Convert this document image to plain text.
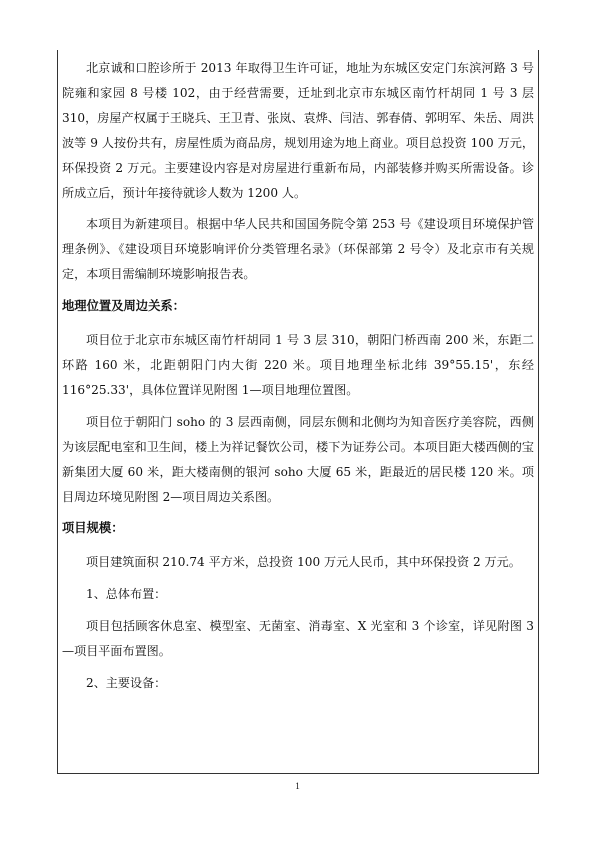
北京诚和口腔诊所于 2013 年取得卫生许可证，地址为东城区安定门东滨河路 3 号院雍和家园 8 号楼 102，由于经营需要，迁址到北京市东城区南竹杆胡同 1 号 3 层 310，房屋产权属于王晓兵、王卫青、张岚、袁烨、闫洁、郭春倩、郭明军、朱岳、周洪波等 9 人按份共有，房屋性质为商品房，规划用途为地上商业。项目总投资 100 万元，环保投资 2 万元。主要建设内容是对房屋进行重新布局，内部装修并购买所需设备。诊所成立后，预计年接待就诊人数为 1200 人。

本项目为新建项目。根据中华人民共和国国务院令第 253 号《建设项目环境保护管理条例》、《建设项目环境影响评价分类管理名录》（环保部第 2 号令）及北京市有关规定，本项目需编制环境影响报告表。

地理位置及周边关系：

项目位于北京市东城区南竹杆胡同 1 号 3 层 310，朝阳门桥西南 200 米，东距二环路 160 米，北距朝阳门内大街 220 米。项目地理坐标北纬 39°55.15'，东经 116°25.33'，具体位置详见附图 1—项目地理位置图。

项目位于朝阳门 soho 的 3 层西南侧，同层东侧和北侧均为知音医疗美容院，西侧为该层配电室和卫生间，楼上为祥记餐饮公司，楼下为证券公司。本项目距大楼西侧的宝新集团大厦 60 米，距大楼南侧的银河 soho 大厦 65 米，距最近的居民楼 120 米。项目周边环境见附图 2—项目周边关系图。

项目规模：

项目建筑面积 210.74 平方米，总投资 100 万元人民币，其中环保投资 2 万元。

1、总体布置：

项目包括顾客休息室、模型室、无菌室、消毒室、X 光室和 3 个诊室，详见附图 3—项目平面布置图。

2、主要设备：

1
